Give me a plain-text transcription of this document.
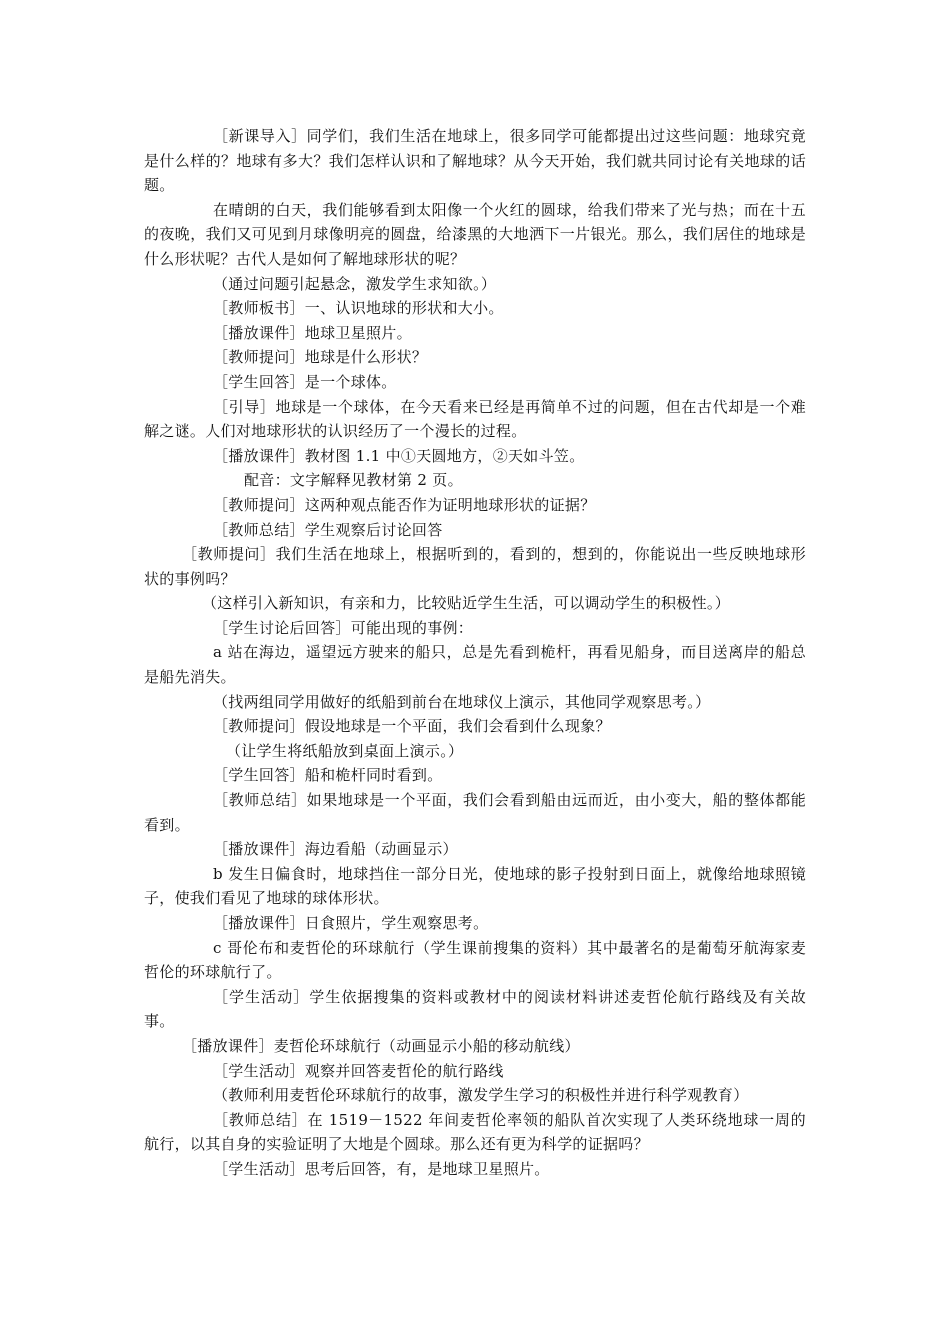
［新课导入］同学们，我们生活在地球上，很多同学可能都提出过这些问题：地球究竟是什么样的？地球有多大？我们怎样认识和了解地球？从今天开始，我们就共同讨论有关地球的话题。

在晴朗的白天，我们能够看到太阳像一个火红的圆球，给我们带来了光与热；而在十五的夜晚，我们又可见到月球像明亮的圆盘，给漆黑的大地洒下一片银光。那么，我们居住的地球是什么形状呢？古代人是如何了解地球形状的呢？

（通过问题引起悬念，激发学生求知欲。）

［教师板书］一、认识地球的形状和大小。

［播放课件］地球卫星照片。

［教师提问］地球是什么形状？

［学生回答］是一个球体。

［引导］地球是一个球体，在今天看来已经是再简单不过的问题，但在古代却是一个难解之谜。人们对地球形状的认识经历了一个漫长的过程。

［播放课件］教材图 1.1 中①天圆地方，②天如斗笠。

配音：文字解释见教材第 2 页。

［教师提问］这两种观点能否作为证明地球形状的证据？

［教师总结］学生观察后讨论回答

［教师提问］我们生活在地球上，根据听到的，看到的，想到的，你能说出一些反映地球形状的事例吗？

（这样引入新知识，有亲和力，比较贴近学生生活，可以调动学生的积极性。）

［学生讨论后回答］可能出现的事例：

a 站在海边，遥望远方驶来的船只，总是先看到桅杆，再看见船身，而目送离岸的船总是船先消失。

（找两组同学用做好的纸船到前台在地球仪上演示，其他同学观察思考。）

［教师提问］假设地球是一个平面，我们会看到什么现象？

（让学生将纸船放到桌面上演示。）

［学生回答］船和桅杆同时看到。

［教师总结］如果地球是一个平面，我们会看到船由远而近，由小变大，船的整体都能看到。

［播放课件］海边看船（动画显示）

b 发生日偏食时，地球挡住一部分日光，使地球的影子投射到日面上，就像给地球照镜子，使我们看见了地球的球体形状。

［播放课件］日食照片，学生观察思考。

c 哥伦布和麦哲伦的环球航行（学生课前搜集的资料）其中最著名的是葡萄牙航海家麦哲伦的环球航行了。

［学生活动］学生依据搜集的资料或教材中的阅读材料讲述麦哲伦航行路线及有关故事。

［播放课件］麦哲伦环球航行（动画显示小船的移动航线）

［学生活动］观察并回答麦哲伦的航行路线

（教师利用麦哲伦环球航行的故事，激发学生学习的积极性并进行科学观教育）

［教师总结］在 1519－1522 年间麦哲伦率领的船队首次实现了人类环绕地球一周的航行，以其自身的实验证明了大地是个圆球。那么还有更为科学的证据吗？

［学生活动］思考后回答，有，是地球卫星照片。
